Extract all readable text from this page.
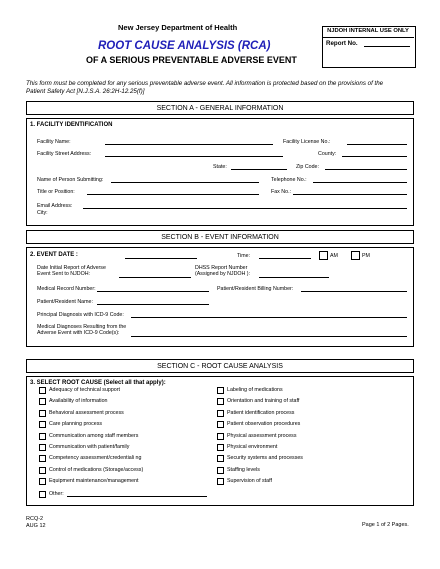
New Jersey Department of Health
ROOT CAUSE ANALYSIS (RCA)
OF A SERIOUS PREVENTABLE ADVERSE EVENT
This form must be completed for any serious preventable adverse event. All information is protected based on the provisions of the Patient Safety Act [N.J.S.A. 26:2H-12.25(f)]
NJDOH INTERNAL USE ONLY
Report No.
SECTION A - GENERAL INFORMATION
1. FACILITY IDENTIFICATION
Facility Name:	Facility License No.:
Facility Street Address:	County:
State:	Zip Code:
Name of Person Submitting:	Telephone No.:
Title or Position:	Fax No.:
Email Address:
City:
SECTION B - EVENT INFORMATION
2. EVENT DATE :	Time:	AM	PM
Date Initial Report of Adverse
Event Sent to NJDOH:
DHSS Report Number
(Assigned by NJDOH ):
Medical Record Number:	Patient/Resident Billing Number:
Patient/Resident Name:
Principal Diagnosis with ICD-9 Code:
Medical Diagnoses Resulting from the
Adverse Event with ICD-9 Code(s):
SECTION C - ROOT CAUSE ANALYSIS
3. SELECT ROOT CAUSE (Select all that apply):
Adequacy of technical support
Availability of information
Behavioral assessment process
Care planning process
Communication among staff members
Communication with patient/family
Competency assessment/credentiali ng
Control of medications (Storage/access)
Equipment maintenance/management
Labeling of medications
Orientation and training of staff
Patient identification process
Patient observation procedures
Physical assessment process
Physical environment
Security systems and processes
Staffing levels
Supervision of staff
Other:
RCQ-2
AUG 12	Page 1 of 2 Pages.
